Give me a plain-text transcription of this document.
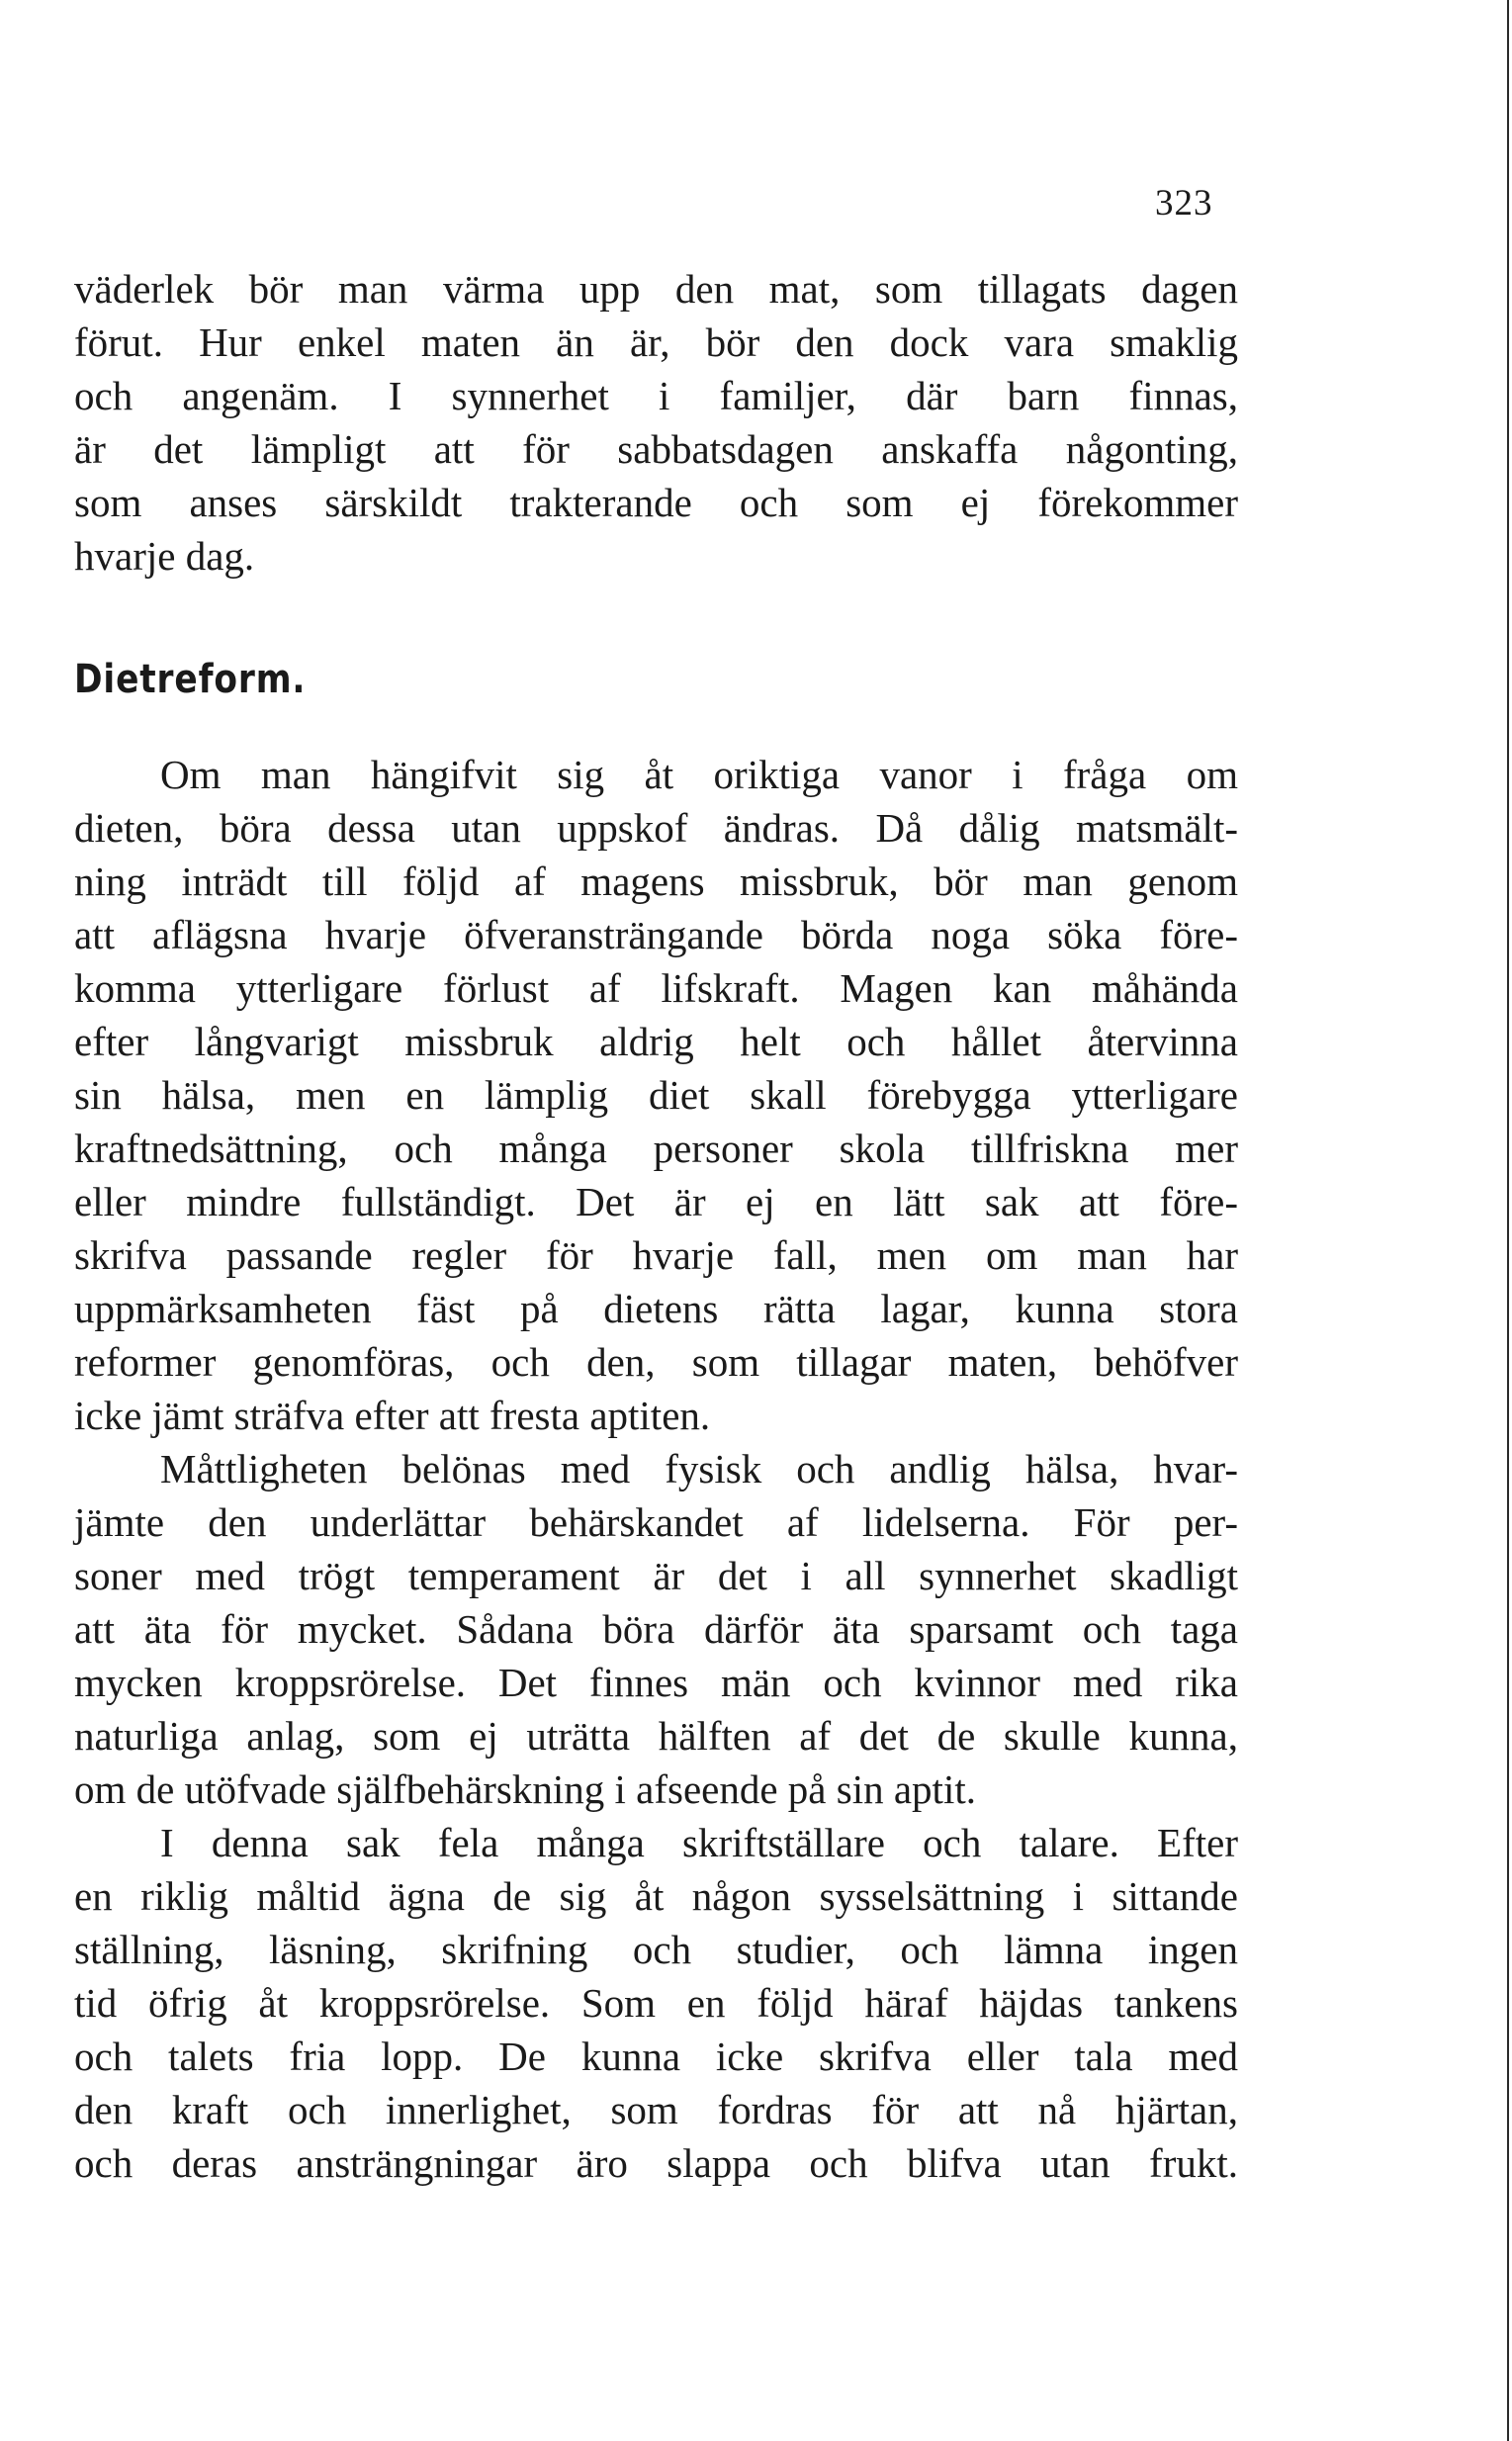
323
väderlek bör man värma upp den mat, som tillagats dagen
förut. Hur enkel maten än är, bör den dock vara smaklig
och angenäm. I synnerhet i familjer, där barn finnas,
är det lämpligt att för sabbatsdagen anskaffa någonting,
som anses särskildt trakterande och som ej förekommer
hvarje dag.
Dietreform.
Om man hängifvit sig åt oriktiga vanor i fråga om
dieten, böra dessa utan uppskof ändras. Då dålig matsmält-
ning inträdt till följd af magens missbruk, bör man genom
att aflägsna hvarje öfveransträngande börda noga söka före-
komma ytterligare förlust af lifskraft. Magen kan måhända
efter långvarigt missbruk aldrig helt och hållet återvinna
sin hälsa, men en lämplig diet skall förebygga ytterligare
kraftnedsättning, och många personer skola tillfriskna mer
eller mindre fullständigt. Det är ej en lätt sak att före-
skrifva passande regler för hvarje fall, men om man har
uppmärksamheten fäst på dietens rätta lagar, kunna stora
reformer genomföras, och den, som tillagar maten, behöfver
icke jämt sträfva efter att fresta aptiten.
Måttligheten belönas med fysisk och andlig hälsa, hvar-
jämte den underlättar behärskandet af lidelserna. För per-
soner med trögt temperament är det i all synnerhet skadligt
att äta för mycket. Sådana böra därför äta sparsamt och taga
mycken kroppsrörelse. Det finnes män och kvinnor med rika
naturliga anlag, som ej uträtta hälften af det de skulle kunna,
om de utöfvade själfbehärskning i afseende på sin aptit.
I denna sak fela många skriftställare och talare. Efter
en riklig måltid ägna de sig åt någon sysselsättning i sittande
ställning, läsning, skrifning och studier, och lämna ingen
tid öfrig åt kroppsrörelse. Som en följd häraf häjdas tankens
och talets fria lopp. De kunna icke skrifva eller tala med
den kraft och innerlighet, som fordras för att nå hjärtan,
och deras ansträngningar äro slappa och blifva utan frukt.
